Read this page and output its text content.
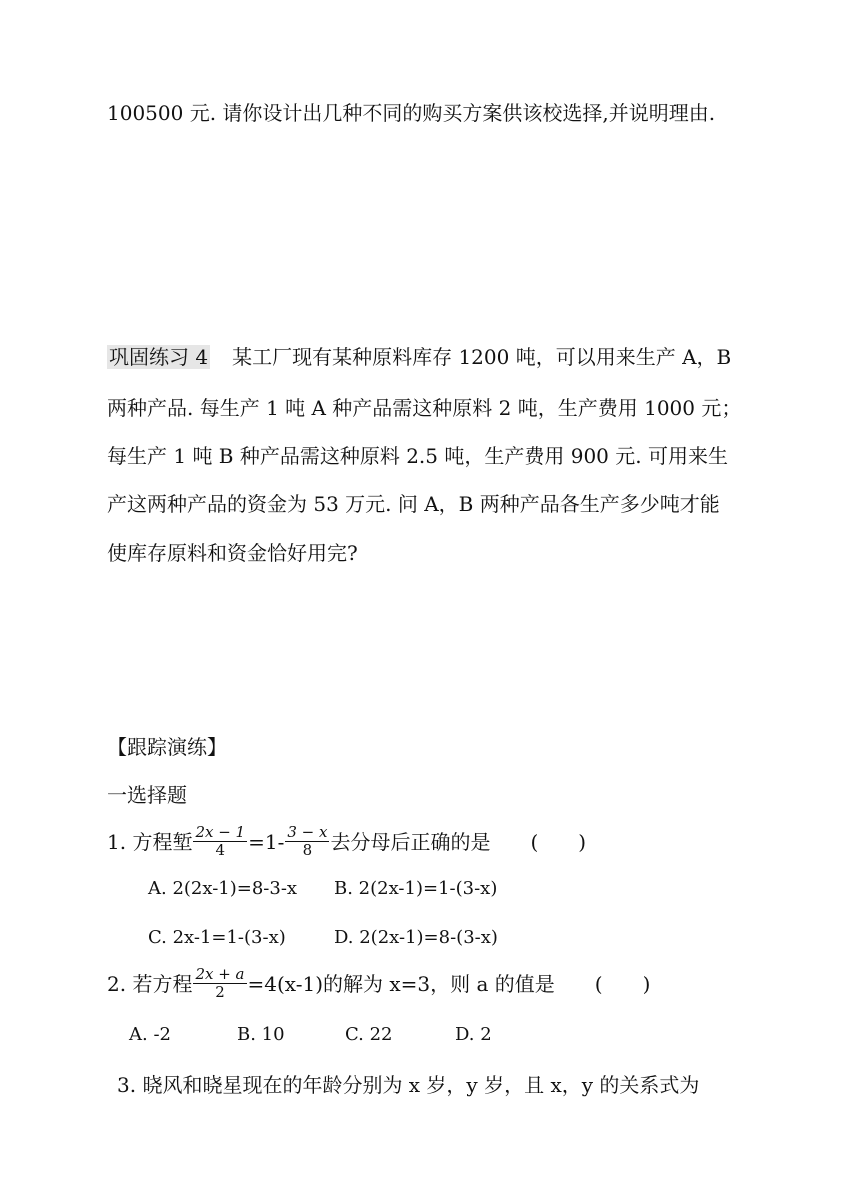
100500 元. 请你设计出几种不同的购买方案供该校选择,并说明理由.
巩固练习 4 某工厂现有某种原料库存 1200 吨，可以用来生产 A，B
两种产品. 每生产 1 吨 A 种产品需这种原料 2 吨，生产费用 1000 元；
每生产 1 吨 B 种产品需这种原料 2.5 吨，生产费用 900 元. 可用来生
产这两种产品的资金为 53 万元. 问 A，B 两种产品各生产多少吨才能
使库存原料和资金恰好用完?
【跟踪演练】
一选择题
1. 方程堑 $\frac{2x - 1}{4} =1- \frac{3 - x}{8}$ 去分母后正确的是 (　　)
A. 2(2x-1)=8-3-x B. 2(2x-1)=1-(3-x)
C. 2x-1=1-(3-x)	D. 2(2x-1)=8-(3-x)
2. 若方程 $\frac{2x + a}{2} =4(x-1)$的解为 x=3，则 a 的值是 (　　)
A. -2	B. 10	C. 22	D. 2
3. 晓风和晓星现在的年龄分别为 x 岁，y 岁，且 x，y 的关系式为
